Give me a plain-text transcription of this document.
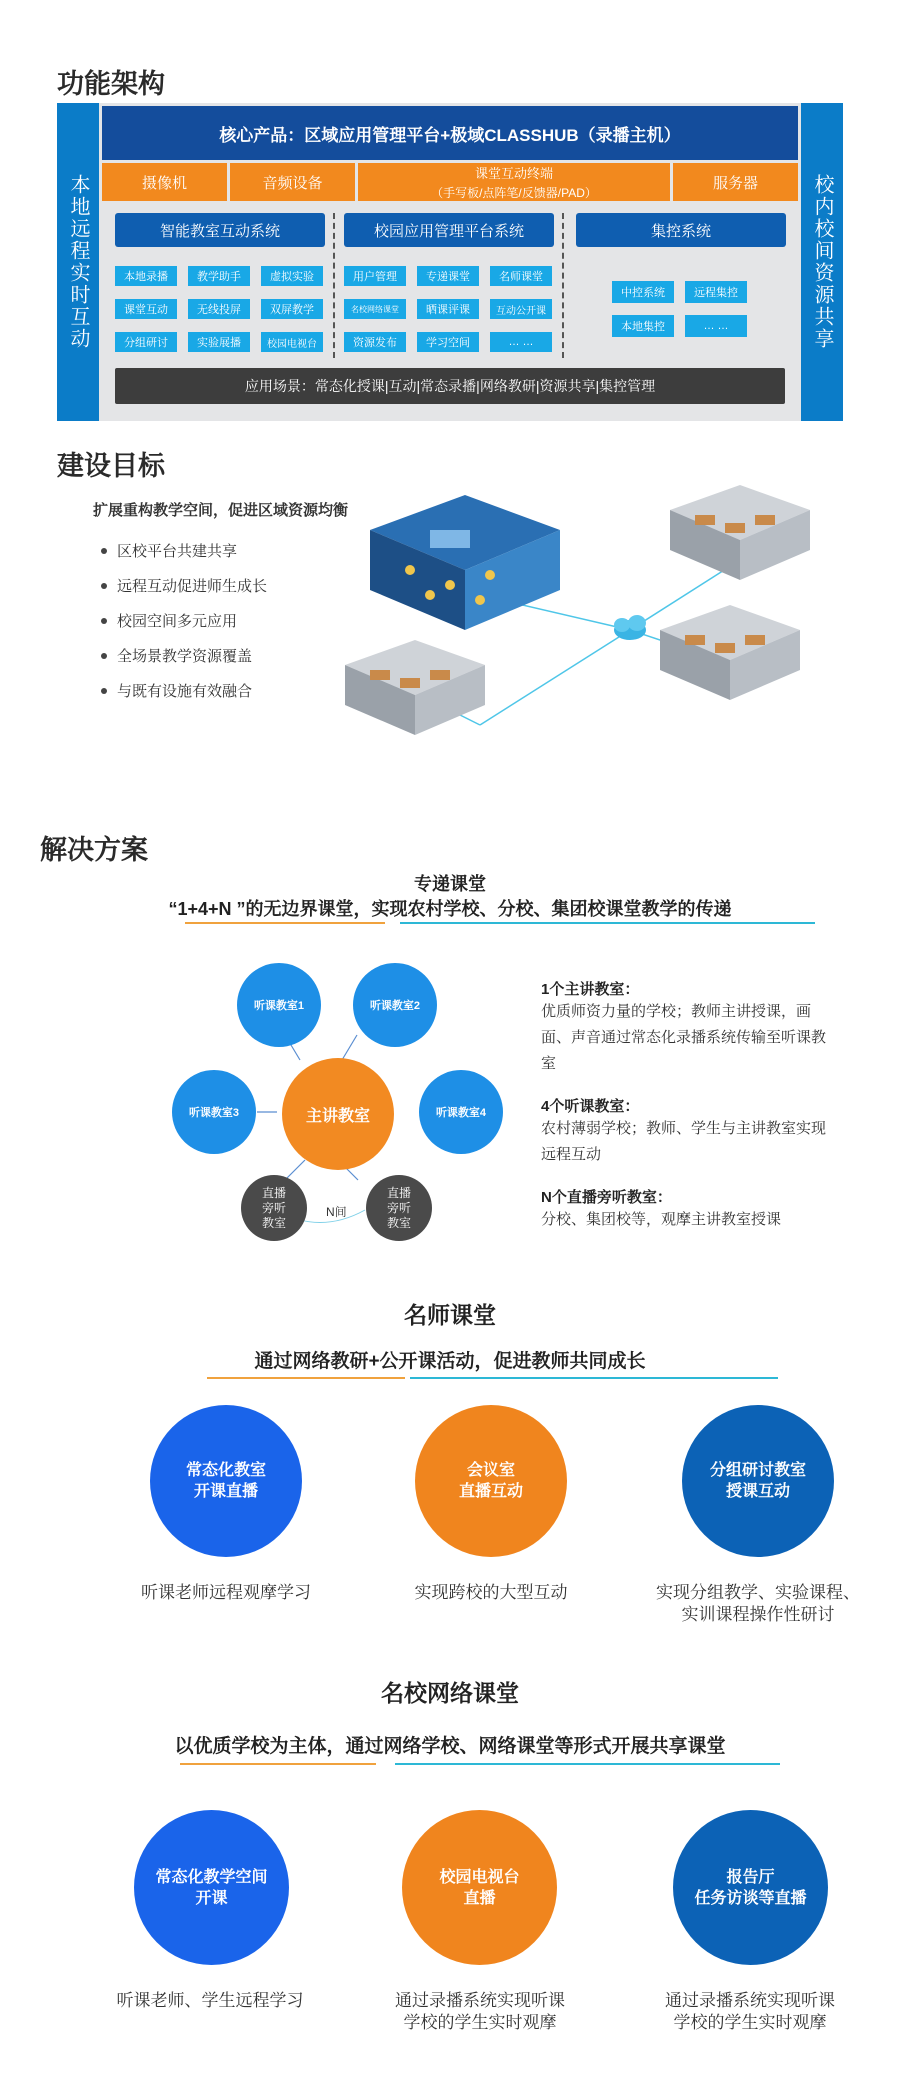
功能架构
本地远程实时互动	校内校间资源共享
核心产品：区域应用管理平台+极域CLASSHUB（录播主机）
摄像机	音频设备
课堂互动终端
（手写板/点阵笔/反馈器/PAD）
服务器
智能教室互动系统
本地录播	教学助手	虚拟实验
课堂互动	无线投屏	双屏教学
分组研讨	实验展播	校园电视台
校园应用管理平台系统
用户管理	专递课堂	名师课堂
名校网络课堂	晒课评课	互动公开课
资源发布	学习空间	… …
集控系统
中控系统	远程集控
本地集控	… …
应用场景：常态化授课|互动|常态录播|网络教研|资源共享|集控管理
建设目标
扩展重构教学空间，促进区域资源均衡
区校平台共建共享
远程互动促进师生成长
校园空间多元应用
全场景教学资源覆盖
与既有设施有效融合
解决方案
专递课堂
“1+4+N ”的无边界课堂，实现农村学校、分校、集团校课堂教学的传递
主讲教室
听课教室1	听课教室2
听课教室3	听课教室4
直播
旁听
教室
直播
旁听
教室
N间
1个主讲教室：
优质师资力量的学校；教师主讲授课，画面、声音通过常态化录播系统传输至听课教室
4个听课教室：
农村薄弱学校；教师、学生与主讲教室实现远程互动
N个直播旁听教室：
分校、集团校等，观摩主讲教室授课
名师课堂
通过网络教研+公开课活动，促进教师共同成长
常态化教室
开课直播
会议室
直播互动
分组研讨教室
授课互动
听课老师远程观摩学习	实现跨校的大型互动	实现分组教学、实验课程、
实训课程操作性研讨
名校网络课堂
以优质学校为主体，通过网络学校、网络课堂等形式开展共享课堂
常态化教学空间
开课
校园电视台
直播
报告厅
任务访谈等直播
听课老师、学生远程学习	通过录播系统实现听课
学校的学生实时观摩
通过录播系统实现听课
学校的学生实时观摩
